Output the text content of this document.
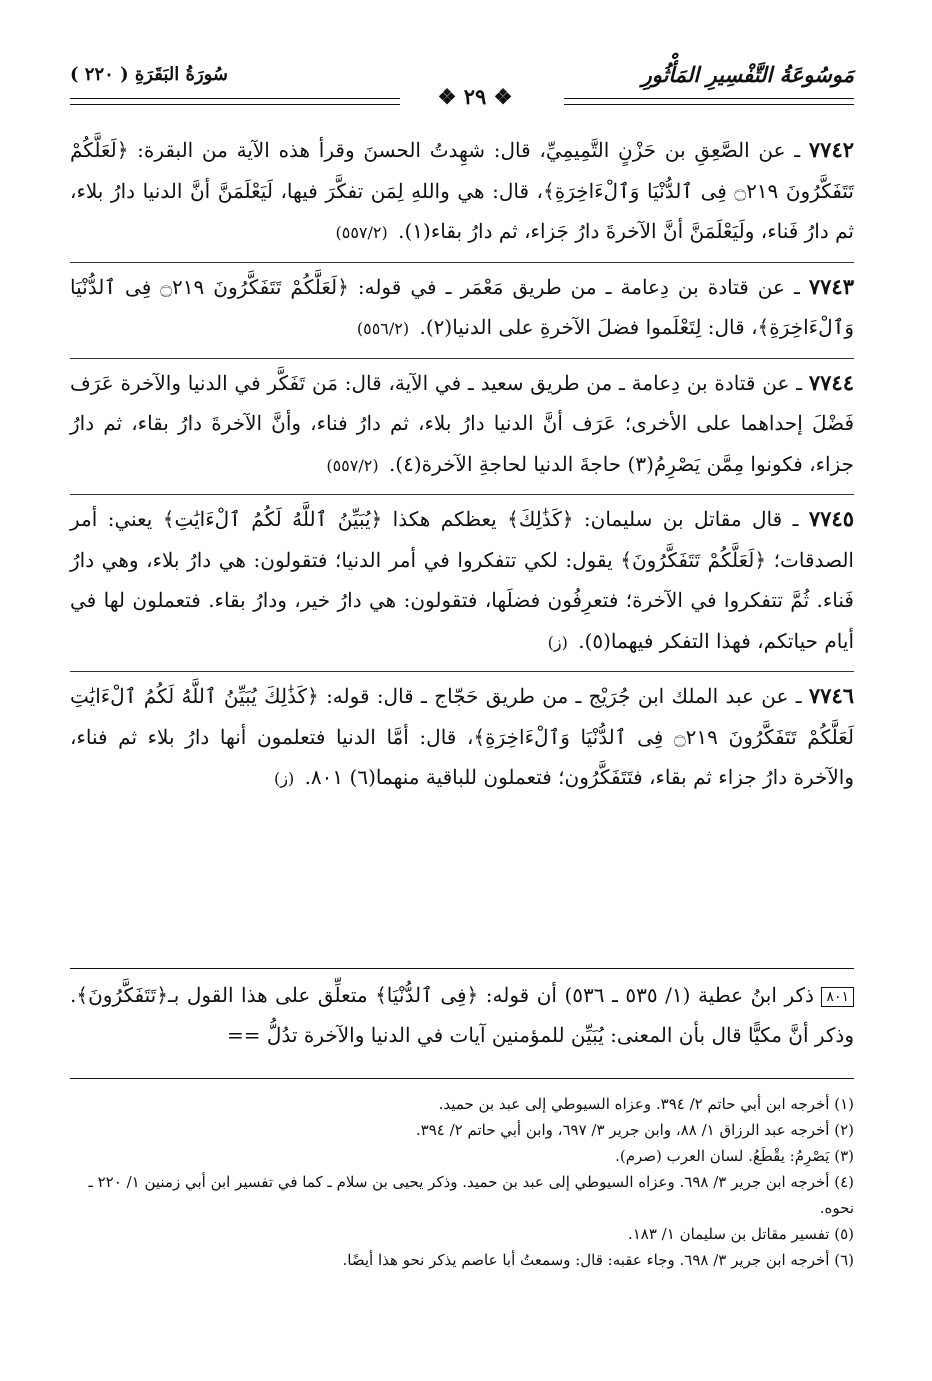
مَوسُوعَةُ التَّفْسِيرِ المَأْثُورِ
سُورَةُ البَقَرَةِ ( ٢٢٠ )
❖ ٢٩ ❖

٧٧٤٢ ـ عن الصَّعِقِ بن حَزْنٍ التَّمِيمِيِّ، قال: شهِدتُ الحسنَ وقرأ هذه الآية من البقرة: ﴿لَعَلَّكُمْ تَتَفَكَّرُونَ ۝٢١٩ فِى ٱلدُّنْيَا وَٱلْءَاخِرَةِ﴾، قال: هي واللهِ لِمَن تفكَّرَ فيها، لَيَعْلَمَنَّ أنَّ الدنيا دارُ بلاء، ثم دارُ فَناء، ولَيَعْلَمَنَّ أنَّ الآخرةَ دارُ جَزاء، ثم دارُ بقاء(١). (٥٥٧/٢)

٧٧٤٣ ـ عن قتادة بن دِعامة ـ من طريق مَعْمَر ـ في قوله: ﴿لَعَلَّكُمْ تَتَفَكَّرُونَ ۝٢١٩ فِى ٱلدُّنْيَا وَٱلْءَاخِرَةِ﴾، قال: لِتَعْلَموا فضلَ الآخرةِ على الدنيا(٢). (٥٥٦/٢)

٧٧٤٤ ـ عن قتادة بن دِعامة ـ من طريق سعيد ـ في الآية، قال: مَن تَفَكَّر في الدنيا والآخرة عَرَف فَضْلَ إحداهما على الأخرى؛ عَرَف أنَّ الدنيا دارُ بلاء، ثم دارُ فناء، وأنَّ الآخرةَ دارُ بقاء، ثم دارُ جزاء، فكونوا مِمَّن يَصْرِمُ(٣) حاجةَ الدنيا لحاجةِ الآخرة(٤). (٥٥٧/٢)

٧٧٤٥ ـ قال مقاتل بن سليمان: ﴿كَذَٰلِكَ﴾ يعظكم هكذا ﴿يُبَيِّنُ ٱللَّهُ لَكُمُ ٱلْءَايَٰتِ﴾ يعني: أمر الصدقات؛ ﴿لَعَلَّكُمْ تَتَفَكَّرُونَ﴾ يقول: لكي تتفكروا في أمر الدنيا؛ فتقولون: هي دارُ بلاء، وهي دارُ فَناء. ثُمَّ تتفكروا في الآخرة؛ فتعرِفُون فضلَها، فتقولون: هي دارُ خير، ودارُ بقاء. فتعملون لها في أيام حياتكم، فهذا التفكر فيهما(٥). (ز)

٧٧٤٦ ـ عن عبد الملك ابن جُرَيْج ـ من طريق حَجّاج ـ قال: قوله: ﴿كَذَٰلِكَ يُبَيِّنُ ٱللَّهُ لَكُمُ ٱلْءَايَٰتِ لَعَلَّكُمْ تَتَفَكَّرُونَ ۝٢١٩ فِى ٱلدُّنْيَا وَٱلْءَاخِرَةِ﴾، قال: أمَّا الدنيا فتعلمون أنها دارُ بلاء ثم فناء، والآخرة دارُ جزاء ثم بقاء، فتَتَفَكَّرُون؛ فتعملون للباقية منهما(٦) ٨٠١. (ز)

٨٠١ ذكر ابنُ عطية (١/ ٥٣٥ ـ ٥٣٦) أن قوله: ﴿فِى ٱلدُّنْيَا﴾ متعلِّق على هذا القول بـ﴿تَتَفَكَّرُونَ﴾. وذكر أنَّ مكيًّا قال بأن المعنى: يُبَيِّن للمؤمنين آيات في الدنيا والآخرة تدُلُّ ==
(١) أخرجه ابن أبي حاتم ٢/ ٣٩٤. وعزاه السيوطي إلى عبد بن حميد.
(٢) أخرجه عبد الرزاق ١/ ٨٨، وابن جرير ٣/ ٦٩٧، وابن أبي حاتم ٢/ ٣٩٤.
(٣) يَصْرِمُ: يقْطَعُ. لسان العرب (صرم).
(٤) أخرجه ابن جرير ٣/ ٦٩٨. وعزاه السيوطي إلى عبد بن حميد. وذكر يحيى بن سلام ـ كما في تفسير ابن أبي زمنين ١/ ٢٢٠ ـ نحوه.
(٥) تفسير مقاتل بن سليمان ١/ ١٨٣.
(٦) أخرجه ابن جرير ٣/ ٦٩٨. وجاء عقبه: قال: وسمعتُ أبا عاصم يذكر نحو هذا أيضًا.
